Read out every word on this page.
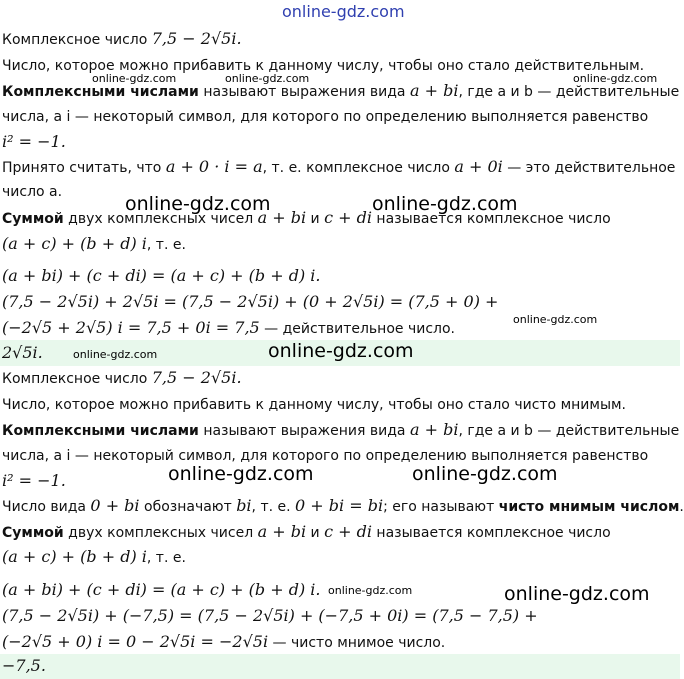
online-gdz.com
Комплексное число 7,5 − 2√5i.
Число, которое можно прибавить к данному числу, чтобы оно стало действительным.
Комплексными числами называют выражения вида a + bi, где a и b — действительные
числа, а i — некоторый символ, для которого по определению выполняется равенство
i² = −1.
Принято считать, что a + 0 · i = a, т. е. комплексное число a + 0i — это действительное
число a.
Суммой двух комплексных чисел a + bi и c + di называется комплексное число
(a + c) + (b + d) i, т. е.
(a + bi) + (c + di) = (a + c) + (b + d) i.
(7,5 − 2√5i) + 2√5i = (7,5 − 2√5i) + (0 + 2√5i) = (7,5 + 0) +
(−2√5 + 2√5) i = 7,5 + 0i = 7,5 — действительное число.
2√5i.
Комплексное число 7,5 − 2√5i.
Число, которое можно прибавить к данному числу, чтобы оно стало чисто мнимым.
Комплексными числами называют выражения вида a + bi, где a и b — действительные
числа, а i — некоторый символ, для которого по определению выполняется равенство
i² = −1.
Число вида 0 + bi обозначают bi, т. е. 0 + bi = bi; его называют чисто мнимым числом.
Суммой двух комплексных чисел a + bi и c + di называется комплексное число
(a + c) + (b + d) i, т. е.
(a + bi) + (c + di) = (a + c) + (b + d) i.
(7,5 − 2√5i) + (−7,5) = (7,5 − 2√5i) + (−7,5 + 0i) = (7,5 − 7,5) +
(−2√5 + 0) i = 0 − 2√5i = −2√5i — чисто мнимое число.
−7,5.
online-gdz.com	online-gdz.com	online-gdz.com
online-gdz.com	online-gdz.com
online-gdz.com
online-gdz.com	online-gdz.com
online-gdz.com	online-gdz.com
online-gdz.com	online-gdz.com
